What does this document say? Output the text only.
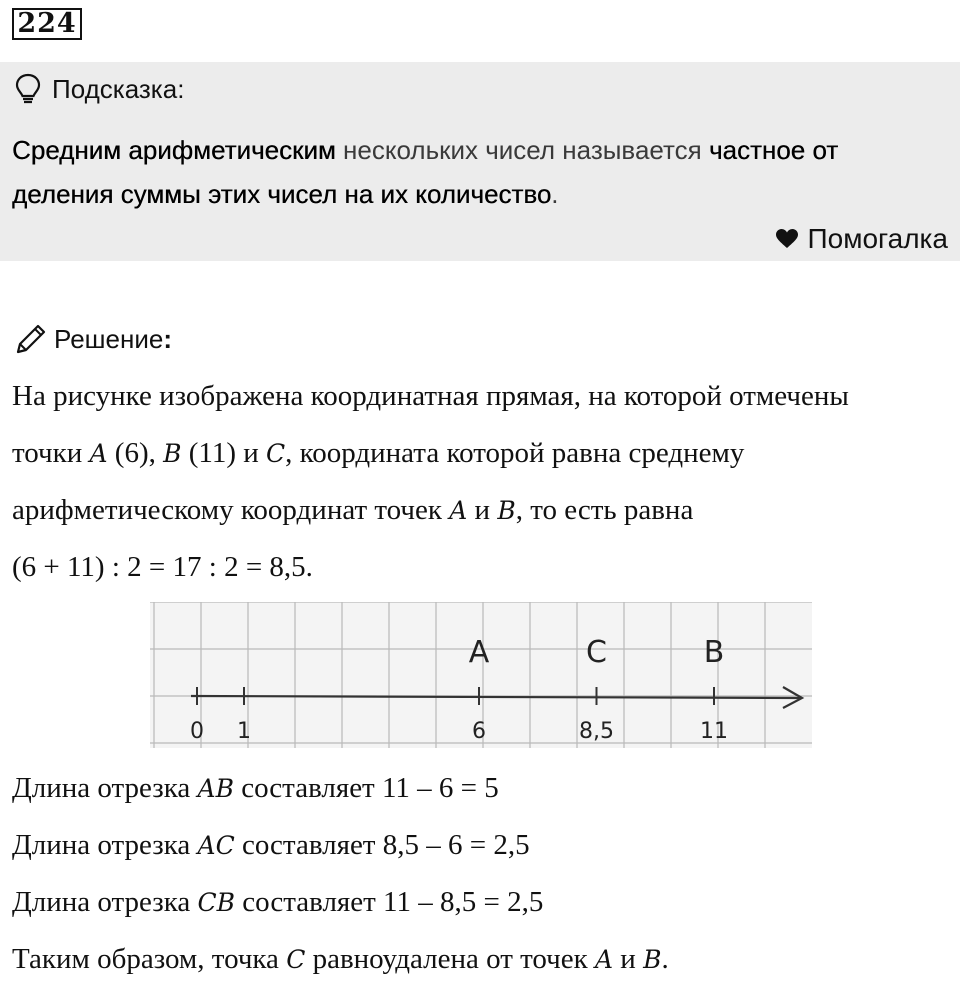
224
Подсказка:
Средним арифметическим нескольких чисел называется частное от
деления суммы этих чисел на их количество.
Помогалка
Решение :
На рисунке изображена координатная прямая, на которой отмечены
точки A (6), B (11) и C, координата которой равна среднему
арифметическому координат точек A и B, то есть равна
(6 + 11) : 2 = 17 : 2 = 8,5.
0 1	6	8,5	11
A	C	B
Длина отрезка AB составляет 11 – 6 = 5
Длина отрезка AC составляет 8,5 – 6 = 2,5
Длина отрезка CB составляет 11 – 8,5 = 2,5
Таким образом, точка C равноудалена от точек A и B.
